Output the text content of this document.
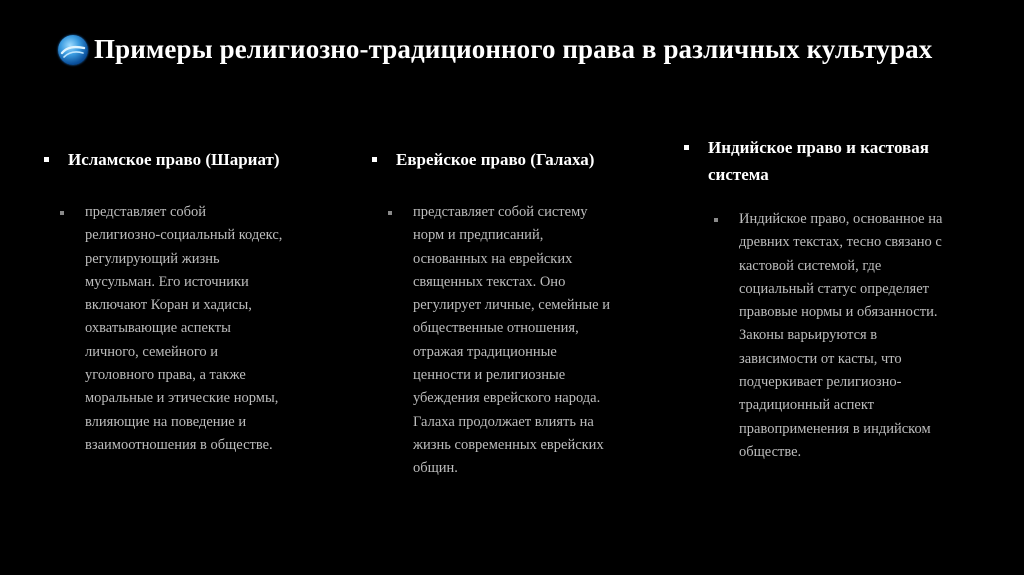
Примеры религиозно-традиционного права в различных культурах
Исламское право (Шариат)
представляет собой
религиозно-социальный кодекс,
регулирующий жизнь
мусульман. Его источники
включают Коран и хадисы,
охватывающие аспекты
личного, семейного и
уголовного права, а также
моральные и этические нормы,
влияющие на поведение и
взаимоотношения в обществе.
Еврейское право (Галаха)
представляет собой систему
норм и предписаний,
основанных на еврейских
священных текстах. Оно
регулирует личные, семейные и
общественные отношения,
отражая традиционные
ценности и религиозные
убеждения еврейского народа.
Галаха продолжает влиять на
жизнь современных еврейских
общин.
Индийское право и кастовая
система
Индийское право, основанное на
древних текстах, тесно связано с
кастовой системой, где
социальный статус определяет
правовые нормы и обязанности.
Законы варьируются в
зависимости от касты, что
подчеркивает религиозно-
традиционный аспект
правоприменения в индийском
обществе.
